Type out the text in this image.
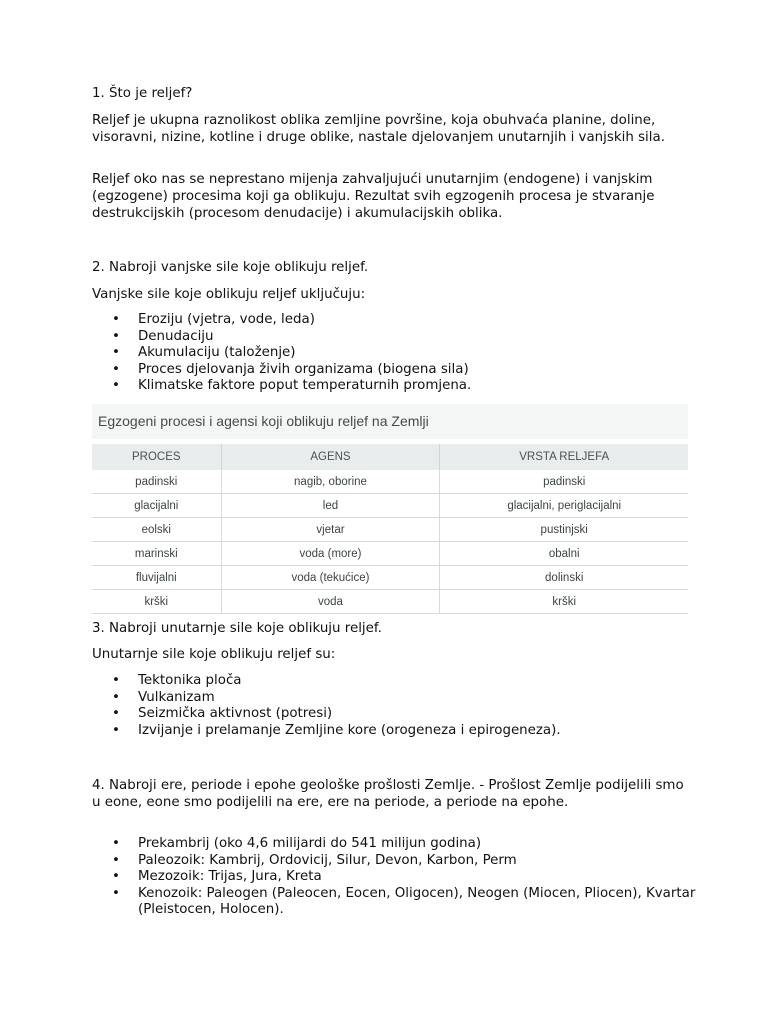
1. Što je reljef?
Reljef je ukupna raznolikost oblika zemljine površine, koja obuhvaća planine, doline, visoravni, nizine, kotline i druge oblike, nastale djelovanjem unutarnjih i vanjskih sila.
Reljef oko nas se neprestano mijenja zahvaljujući unutarnjim (endogene) i vanjskim (egzogene) procesima koji ga oblikuju. Rezultat svih egzogenih procesa je stvaranje destrukcijskih (procesom denudacije) i akumulacijskih oblika.
2. Nabroji vanjske sile koje oblikuju reljef.
Vanjske sile koje oblikuju reljef uključuju:
• Eroziju (vjetra, vode, leda)
• Denudaciju
• Akumulaciju (taloženje)
• Proces djelovanja živih organizama (biogena sila)
• Klimatske faktore poput temperaturnih promjena.
Egzogeni procesi i agensi koji oblikuju reljef na Zemlji
PROCES	AGENS	VRSTA RELJEFA
padinski	nagib, oborine	padinski
glacijalni	led	glacijalni, periglacijalni
eolski	vjetar	pustinjski
marinski	voda (more)	obalni
fluvijalni	voda (tekućice)	dolinski
krški	voda	krški
3. Nabroji unutarnje sile koje oblikuju reljef.
Unutarnje sile koje oblikuju reljef su:
• Tektonika ploča
• Vulkanizam
• Seizmička aktivnost (potresi)
• Izvijanje i prelamanje Zemljine kore (orogeneza i epirogeneza).
4. Nabroji ere, periode i epohe geološke prošlosti Zemlje. - Prošlost Zemlje podijelili smo u eone, eone smo podijelili na ere, ere na periode, a periode na epohe.
• Prekambrij (oko 4,6 milijardi do 541 milijun godina)
• Paleozoik: Kambrij, Ordovicij, Silur, Devon, Karbon, Perm
• Mezozoik: Trijas, Jura, Kreta
• Kenozoik: Paleogen (Paleocen, Eocen, Oligocen), Neogen (Miocen, Pliocen), Kvartar (Pleistocen, Holocen).
